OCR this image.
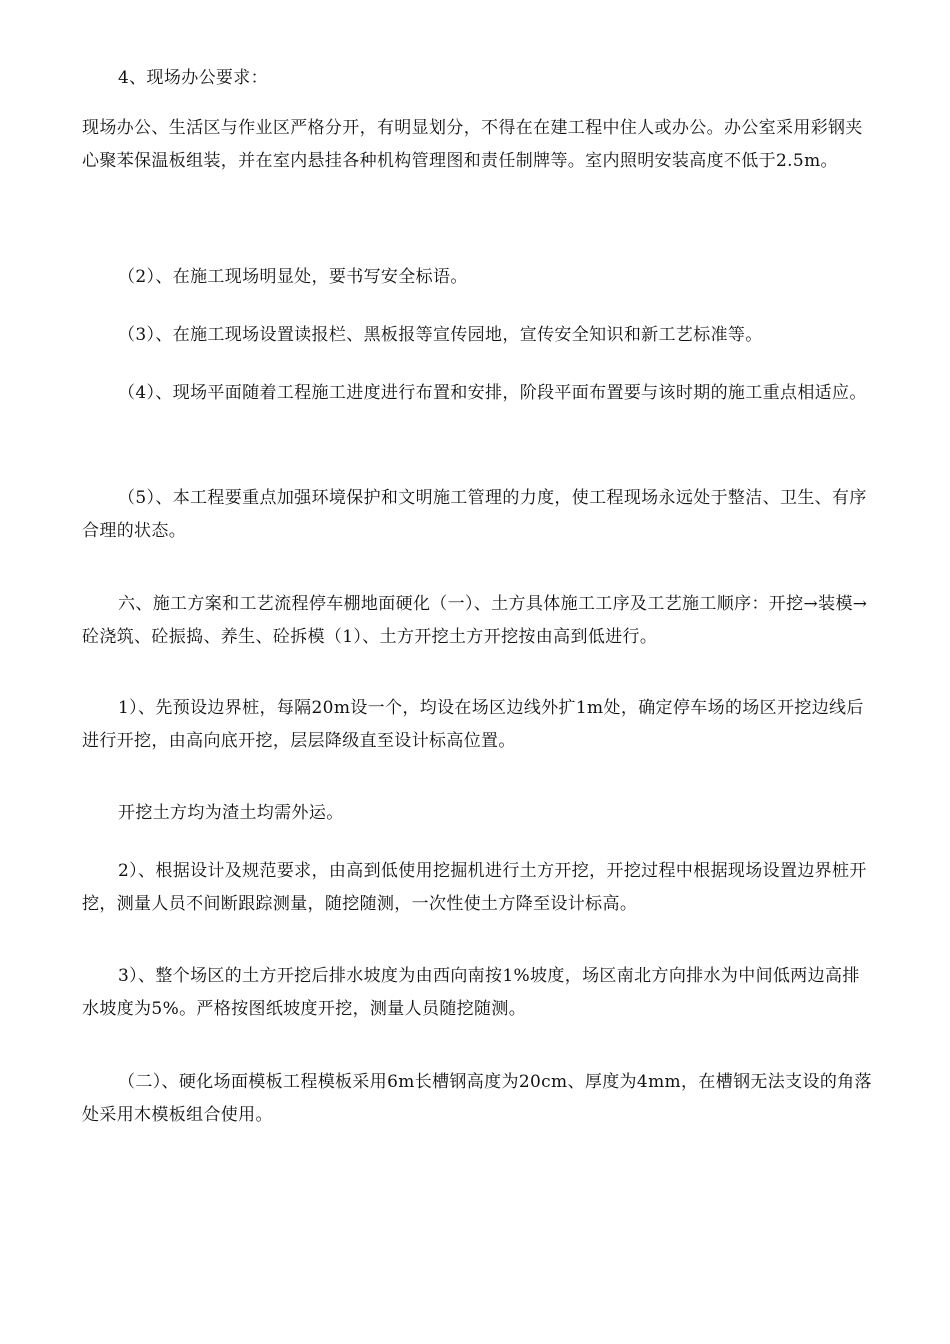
4、现场办公要求：

现场办公、生活区与作业区严格分开，有明显划分，不得在在建工程中住人或办公。办公室采用彩钢夹心聚苯保温板组装，并在室内悬挂各种机构管理图和责任制牌等。室内照明安装高度不低于2.5m。

（2）、在施工现场明显处，要书写安全标语。

（3）、在施工现场设置读报栏、黑板报等宣传园地，宣传安全知识和新工艺标准等。

（4）、现场平面随着工程施工进度进行布置和安排，阶段平面布置要与该时期的施工重点相适应。

（5）、本工程要重点加强环境保护和文明施工管理的力度，使工程现场永远处于整洁、卫生、有序合理的状态。

六、施工方案和工艺流程停车棚地面硬化（一）、土方具体施工工序及工艺施工顺序：开挖→装模→砼浇筑、砼振捣、养生、砼拆模（1）、土方开挖土方开挖按由高到低进行。

1）、先预设边界桩，每隔20m设一个，均设在场区边线外扩1m处，确定停车场的场区开挖边线后进行开挖，由高向底开挖，层层降级直至设计标高位置。

开挖土方均为渣土均需外运。

2）、根据设计及规范要求，由高到低使用挖掘机进行土方开挖，开挖过程中根据现场设置边界桩开挖，测量人员不间断跟踪测量，随挖随测，一次性使土方降至设计标高。

3）、整个场区的土方开挖后排水坡度为由西向南按1%坡度，场区南北方向排水为中间低两边高排水坡度为5%。严格按图纸坡度开挖，测量人员随挖随测。

（二）、硬化场面模板工程模板采用6m长槽钢高度为20cm、厚度为4mm，在槽钢无法支设的角落处采用木模板组合使用。
